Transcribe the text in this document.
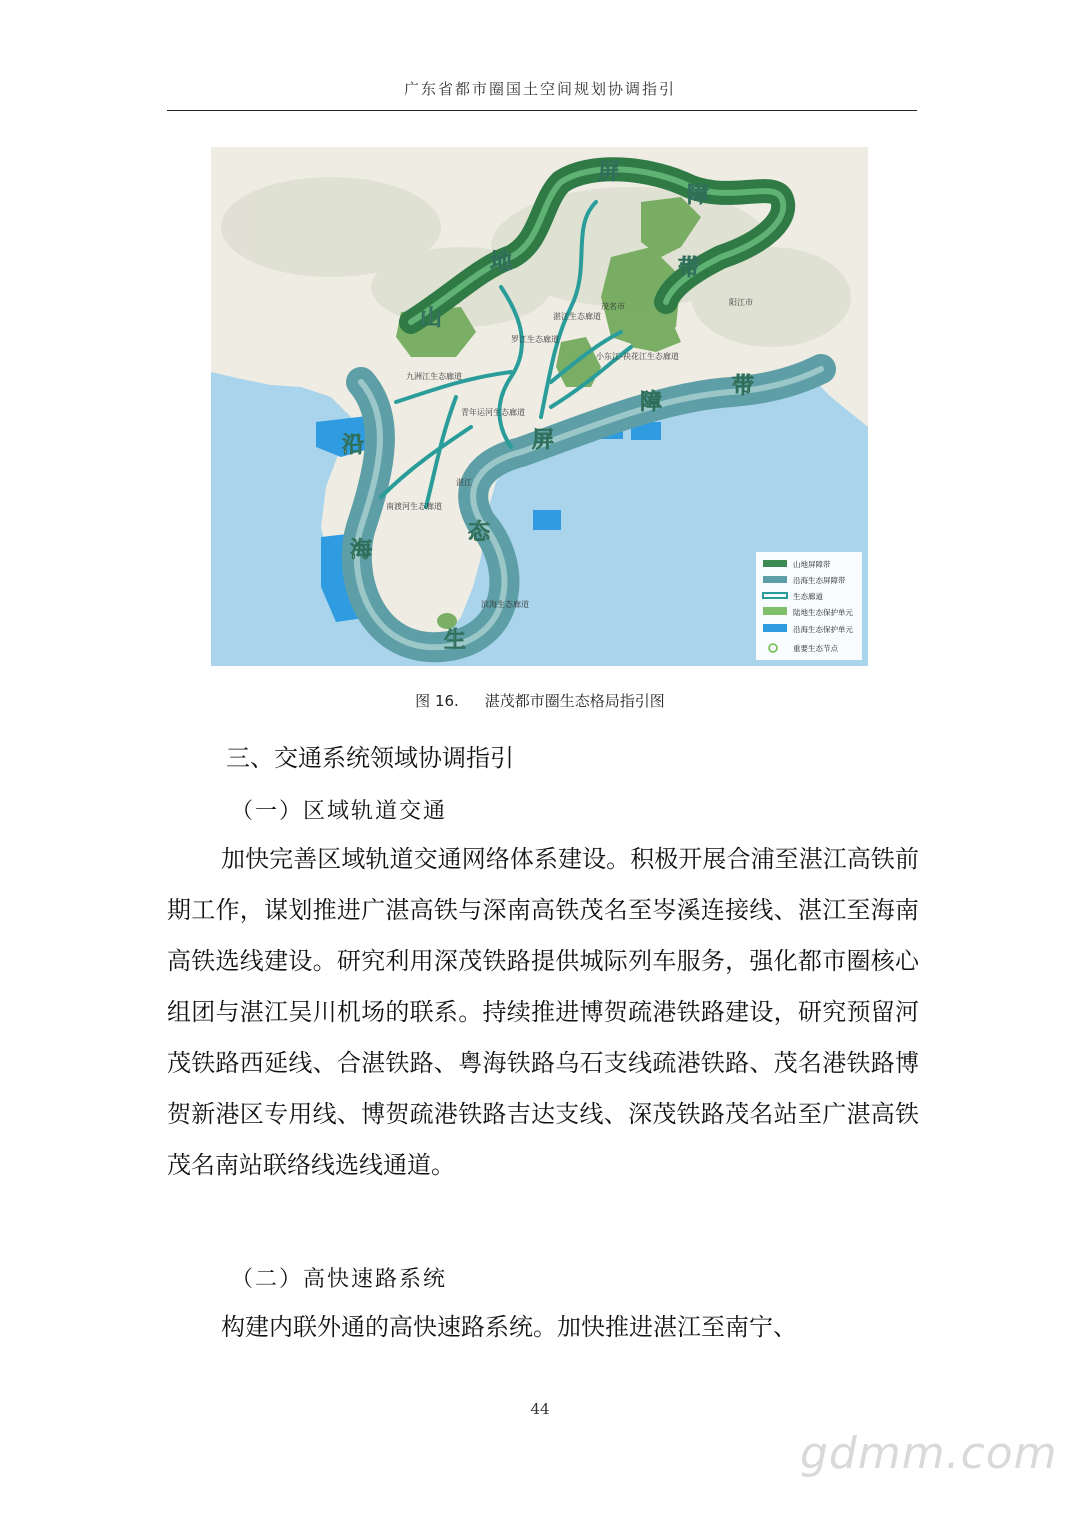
广东省都市圈国土空间规划协调指引
山
地
屏
障
带
沿
海
生
态
屏
障
带
阳江市
茂名市
湛江
九洲江生态廊道
罗江生态廊道
湛江生态廊道
小东江-袂花江生态廊道
青年运河生态廊道
南渡河生态廊道
滨海生态廊道
山地屏障带
沿海生态屏障带
生态廊道
陆地生态保护单元
沿海生态保护单元
重要生态节点
图 16. 湛茂都市圈生态格局指引图
三、交通系统领域协调指引
（一）区域轨道交通

加快完善区域轨道交通网络体系建设。积极开展合浦至湛江高铁前期工作，谋划推进广湛高铁与深南高铁茂名至岑溪连接线、湛江至海南高铁选线建设。研究利用深茂铁路提供城际列车服务，强化都市圈核心组团与湛江吴川机场的联系。持续推进博贺疏港铁路建设，研究预留河茂铁路西延线、合湛铁路、粤海铁路乌石支线疏港铁路、茂名港铁路博贺新港区专用线、博贺疏港铁路吉达支线、深茂铁路茂名站至广湛高铁茂名南站联络线选线通道。

（二）高快速路系统

构建内联外通的高快速路系统。加快推进湛江至南宁、

44
gdmm.com
